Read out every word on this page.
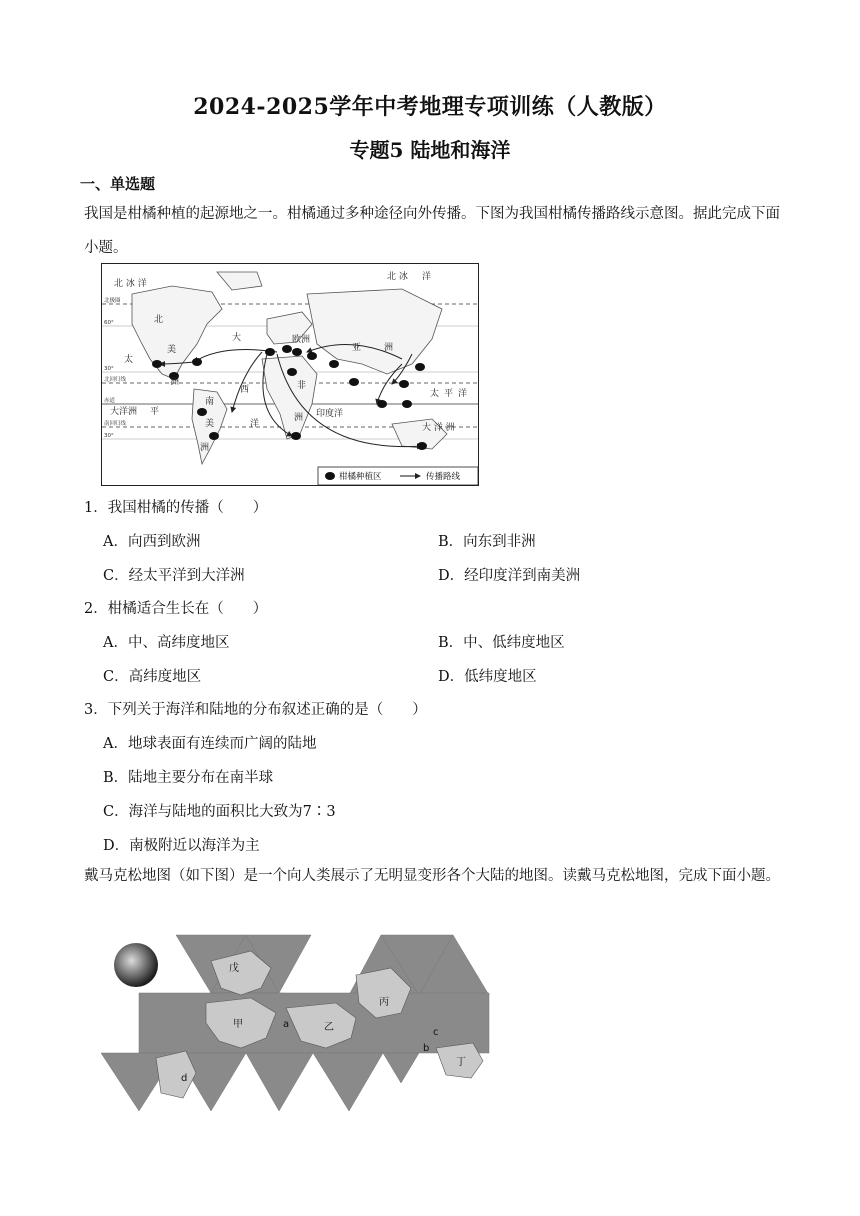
2024-2025学年中考地理专项训练（人教版）
专题5 陆地和海洋
一、单选题
我国是柑橘种植的起源地之一。柑橘通过多种途径向外传播。下图为我国柑橘传播路线示意图。据此完成下面小题。
北 冰 洋
北 冰 洋
太
平
大洋洲	印度洋
洋
太 平 洋
大 洋 洲
北
美
洲
大
西
南
美
洲
欧洲
亚	洲
非
洲
北极圈
60°
30°
北回归线
赤道
南回归线
30°
柑橘种植区	传播路线
1．我国柑橘的传播（　　）
A．向西到欧洲	B．向东到非洲
C．经太平洋到大洋洲	D．经印度洋到南美洲
2．柑橘适合生长在（　　）
A．中、高纬度地区	B．中、低纬度地区
C．高纬度地区	D．低纬度地区
3．下列关于海洋和陆地的分布叙述正确的是（　　）
A．地球表面有连续而广阔的陆地
B．陆地主要分布在南半球
C．海洋与陆地的面积比大致为7∶3
D．南极附近以海洋为主
戴马克松地图（如下图）是一个向人类展示了无明显变形各个大陆的地图。读戴马克松地图，完成下面小题。
戊
甲	乙
丙
丁
a
b
c
d
